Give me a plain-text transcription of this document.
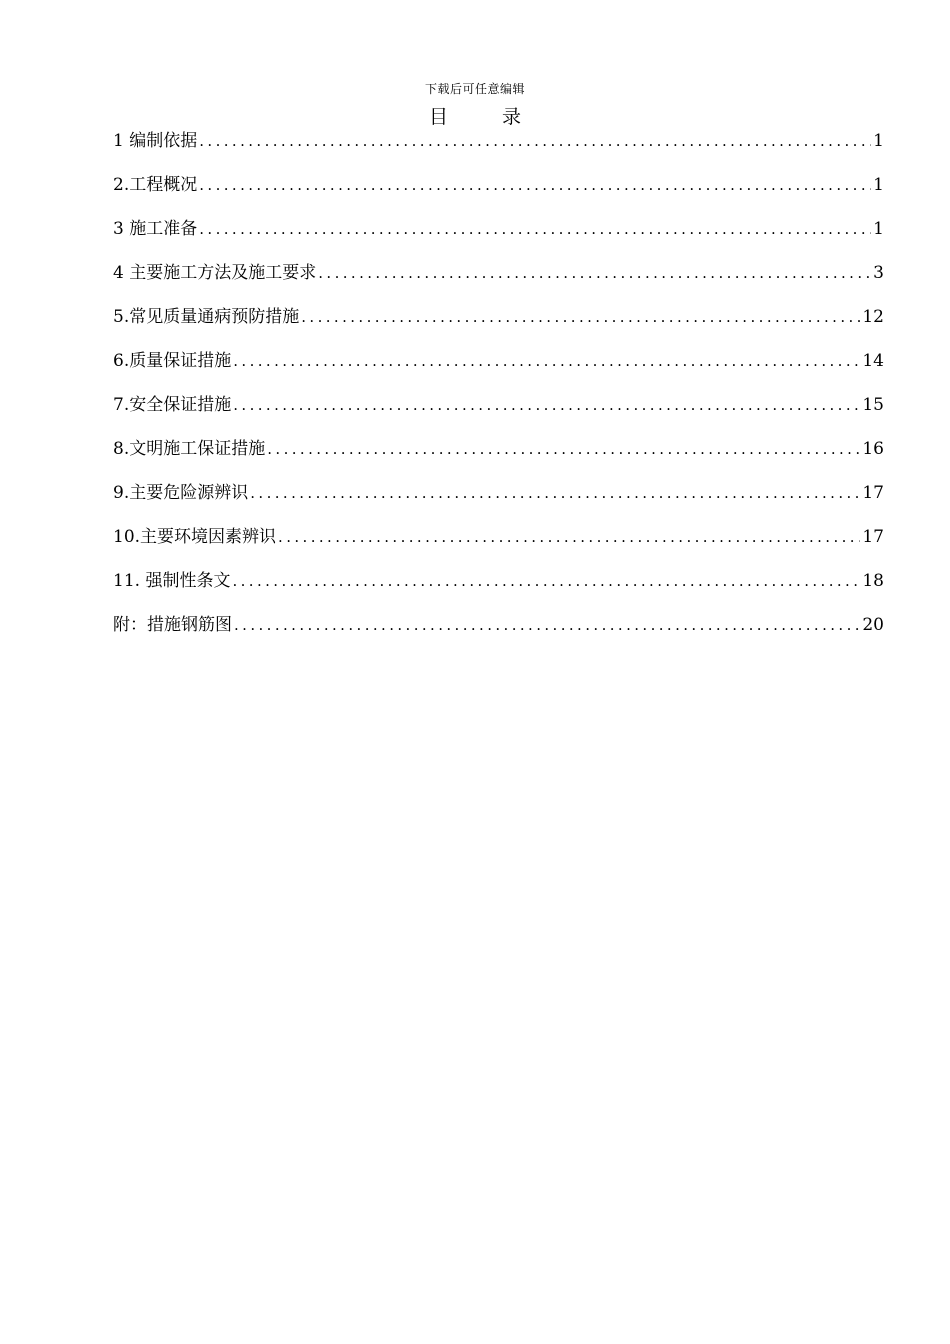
下载后可任意编辑
目 录
1 编制依据 .....	1
2.工程概况 .....	1
3 施工准备 .....	1
4 主要施工方法及施工要求 .....	3
5.常见质量通病预防措施 .....	12
6.质量保证措施 .....	14
7.安全保证措施 .....	15
8.文明施工保证措施 .....	16
9.主要危险源辨识 .....	17
10.主要环境因素辨识 .....	17
11. 强制性条文 .....	18
附：措施钢筋图 .....	20
